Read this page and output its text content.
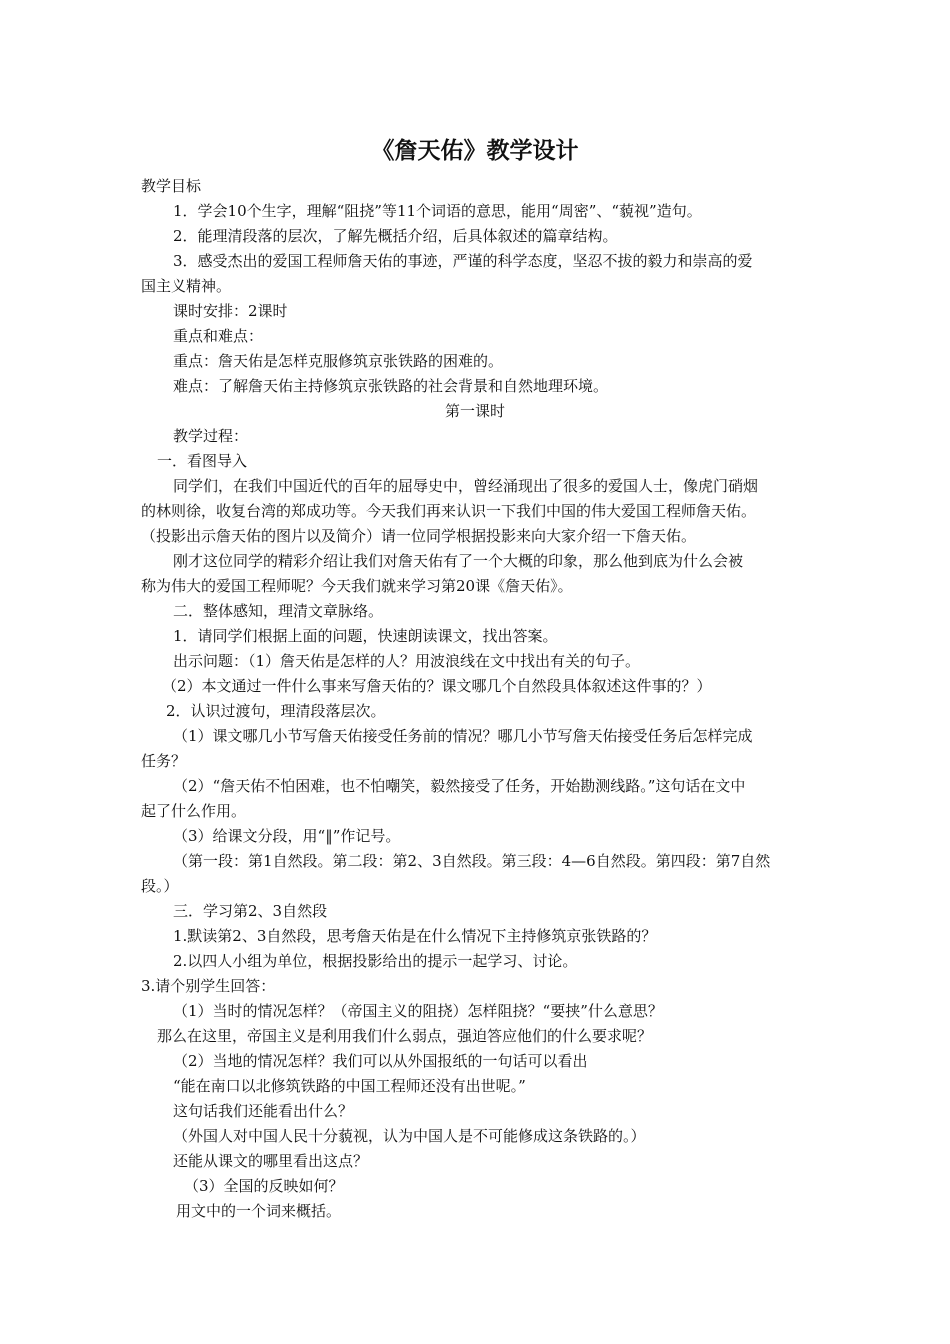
《詹天佑》教学设计
教学目标
1．学会10个生字，理解“阻挠”等11个词语的意思，能用“周密”、“藐视”造句。
2．能理清段落的层次，了解先概括介绍，后具体叙述的篇章结构。
3．感受杰出的爱国工程师詹天佑的事迹，严谨的科学态度，坚忍不拔的毅力和崇高的爱
国主义精神。
课时安排：2课时
重点和难点：
重点：詹天佑是怎样克服修筑京张铁路的困难的。
难点：了解詹天佑主持修筑京张铁路的社会背景和自然地理环境。
第一课时
教学过程：
一．看图导入
同学们，在我们中国近代的百年的屈辱史中，曾经涌现出了很多的爱国人士，像虎门硝烟
的林则徐，收复台湾的郑成功等。今天我们再来认识一下我们中国的伟大爱国工程师詹天佑。
（投影出示詹天佑的图片以及简介）请一位同学根据投影来向大家介绍一下詹天佑。
刚才这位同学的精彩介绍让我们对詹天佑有了一个大概的印象，那么他到底为什么会被
称为伟大的爱国工程师呢？今天我们就来学习第20课《詹天佑》。
二．整体感知，理清文章脉络。
1．请同学们根据上面的问题，快速朗读课文，找出答案。
出示问题：（1）詹天佑是怎样的人？用波浪线在文中找出有关的句子。
（2）本文通过一件什么事来写詹天佑的？课文哪几个自然段具体叙述这件事的？）
2．认识过渡句，理清段落层次。
（1）课文哪几小节写詹天佑接受任务前的情况？哪几小节写詹天佑接受任务后怎样完成
任务？
（2）“詹天佑不怕困难，也不怕嘲笑，毅然接受了任务，开始勘测线路。”这句话在文中
起了什么作用。
（3）给课文分段，用“‖”作记号。
（第一段：第1自然段。第二段：第2、3自然段。第三段：4—6自然段。第四段：第7自然
段。）
三．学习第2、3自然段
1.默读第2、3自然段，思考詹天佑是在什么情况下主持修筑京张铁路的？
2.以四人小组为单位，根据投影给出的提示一起学习、讨论。
3.请个别学生回答：
（1）当时的情况怎样？（帝国主义的阻挠）怎样阻挠？“要挟”什么意思？
那么在这里，帝国主义是利用我们什么弱点，强迫答应他们的什么要求呢？
（2）当地的情况怎样？我们可以从外国报纸的一句话可以看出
“能在南口以北修筑铁路的中国工程师还没有出世呢。”
这句话我们还能看出什么？
（外国人对中国人民十分藐视，认为中国人是不可能修成这条铁路的。）
还能从课文的哪里看出这点？
（3）全国的反映如何？
用文中的一个词来概括。
